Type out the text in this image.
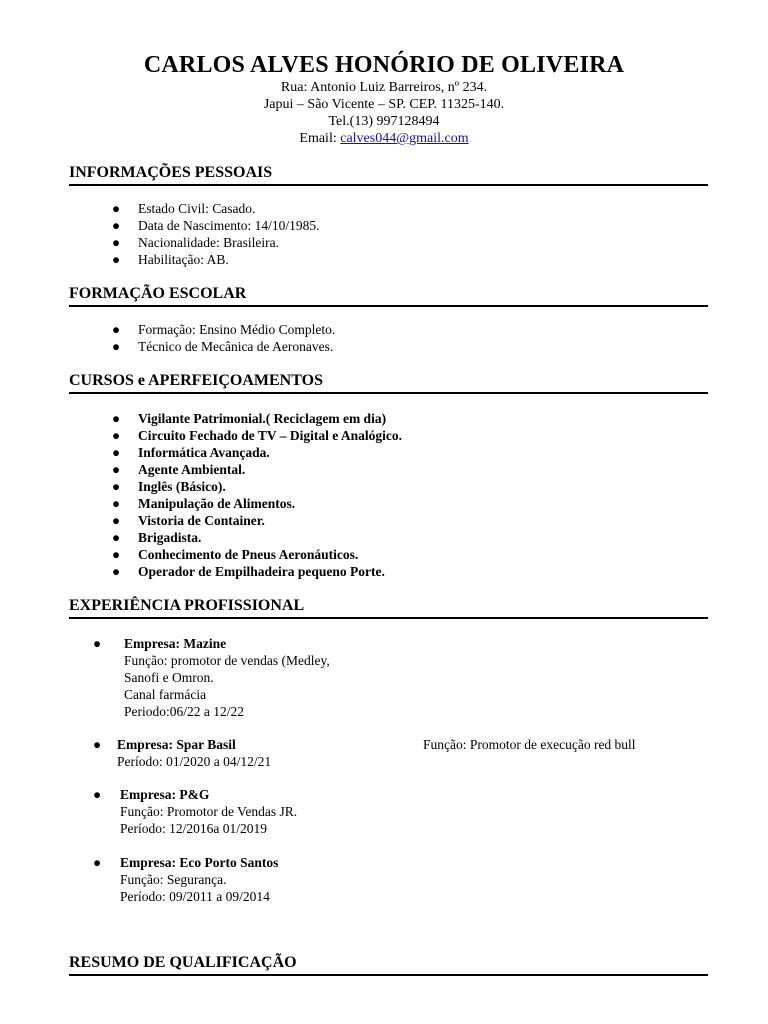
CARLOS ALVES HONÓRIO DE OLIVEIRA
Rua: Antonio Luiz Barreiros, nº 234.
Japui – São Vicente – SP. CEP. 11325-140.
Tel.(13) 997128494
Email: calves044@gmail.com
INFORMAÇÕES PESSOAIS
● Estado Civil: Casado.
● Data de Nascimento: 14/10/1985.
● Nacionalidade: Brasileira.
● Habilitação: AB.
FORMAÇÃO ESCOLAR
● Formação: Ensino Médio Completo.
● Técnico de Mecânica de Aeronaves.
CURSOS e APERFEIÇOAMENTOS
● Vigilante Patrimonial.( Reciclagem em dia)
● Circuito Fechado de TV – Digital e Analógico.
● Informática Avançada.
● Agente Ambiental.
● Inglês (Básico).
● Manipulação de Alimentos.
● Vistoria de Container.
● Brigadista.
● Conhecimento de Pneus Aeronáuticos.
● Operador de Empilhadeira pequeno Porte.
EXPERIÊNCIA PROFISSIONAL
● Empresa: Mazine
Função: promotor de vendas (Medley,
Sanofi e Omron.
Canal farmácia
Periodo:06/22 a 12/22
● Empresa: Spar Basil	Função: Promotor de execução red bull
Período: 01/2020 a 04/12/21
● Empresa: P&G
Função: Promotor de Vendas JR.
Período: 12/2016a 01/2019
● Empresa: Eco Porto Santos
Função: Segurança.
Período: 09/2011 a 09/2014
RESUMO DE QUALIFICAÇÃO
